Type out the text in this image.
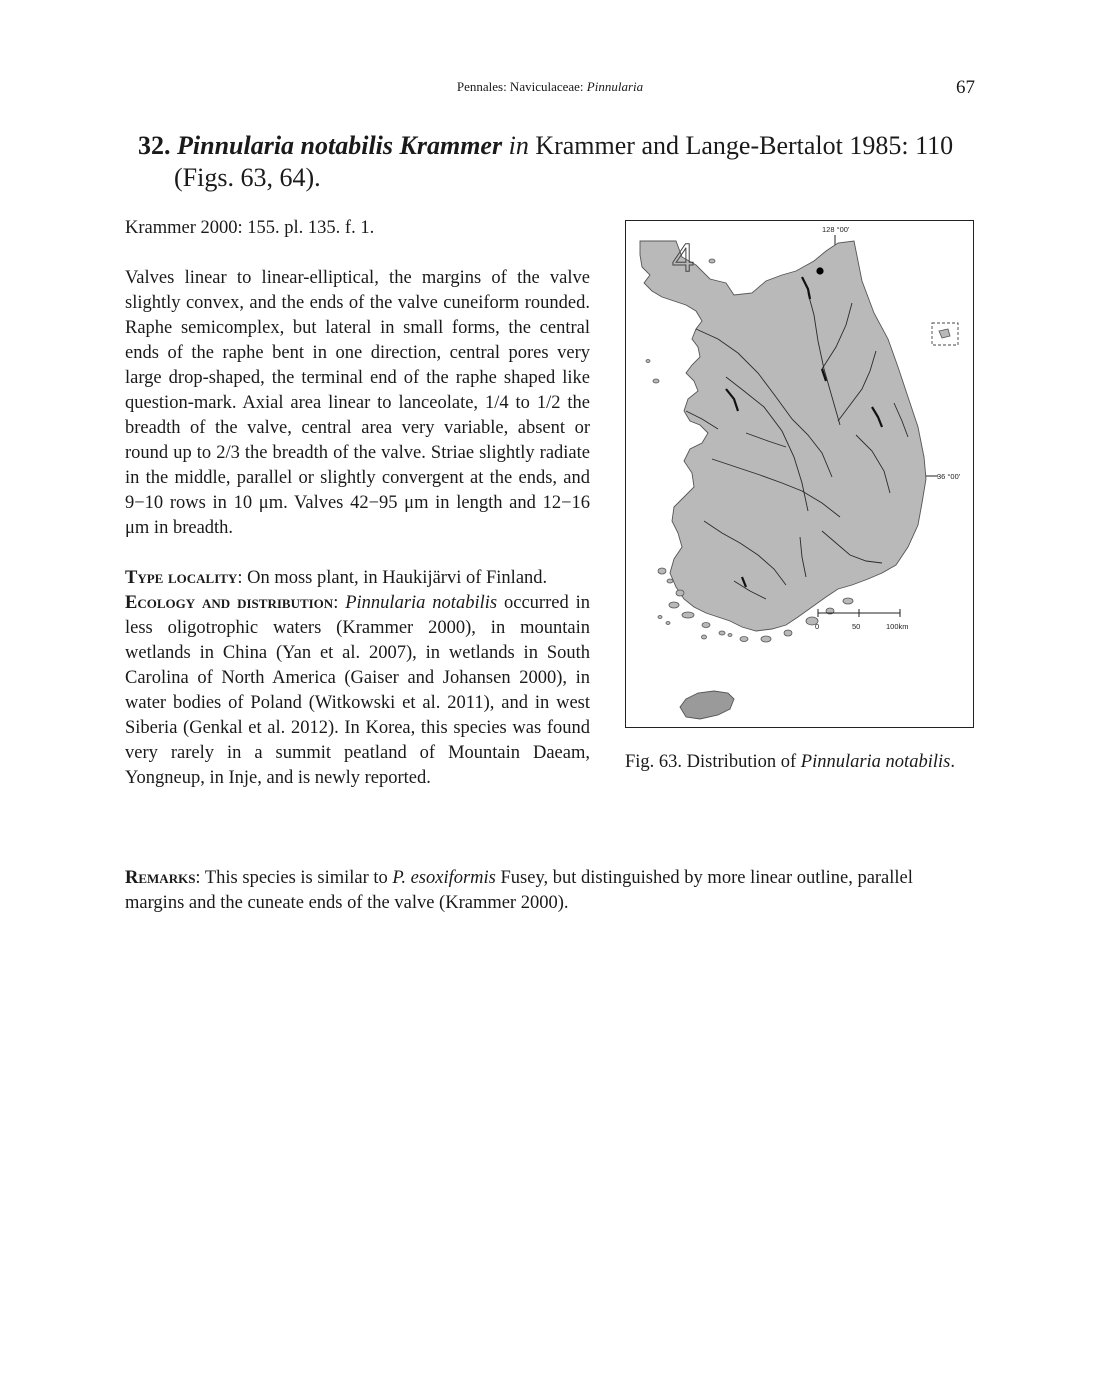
Pennales: Naviculaceae: Pinnularia	67
32. Pinnularia notabilis Krammer in Krammer and Lange-Bertalot 1985: 110
(Figs. 63, 64).

Krammer 2000: 155. pl. 135. f. 1.

Valves linear to linear-elliptical, the margins of the valve slightly convex, and the ends of the valve cuneiform rounded. Raphe semicomplex, but lateral in small forms, the central ends of the raphe bent in one direction, central pores very large drop-shaped, the terminal end of the raphe shaped like question-mark. Axial area linear to lanceolate, 1/4 to 1/2 the breadth of the valve, central area very variable, absent or round up to 2/3 the breadth of the valve. Striae slightly radiate in the middle, parallel or slightly convergent at the ends, and 9−10 rows in 10 μm. Valves 42−95 μm in length and 12−16 μm in breadth.

Type locality: On moss plant, in Haukijärvi of Finland.

Ecology and distribution: Pinnularia notabilis occurred in less oligotrophic waters (Krammer 2000), in mountain wetlands in China (Yan et al. 2007), in wetlands in South Carolina of North America (Gaiser and Johansen 2000), in water bodies of Poland (Witkowski et al. 2011), and in west Siberia (Genkal et al. 2012). In Korea, this species was found very rarely in a summit peatland of Mountain Daeam, Yongneup, in Inje, and is newly reported.

Remarks: This species is similar to P. esoxiformis Fusey, but distinguished by more linear outline, parallel margins and the cuneate ends of the valve (Krammer 2000).

128 °00'
4
36 °00'
0	50	100km
Fig. 63. Distribution of Pinnularia notabilis.
